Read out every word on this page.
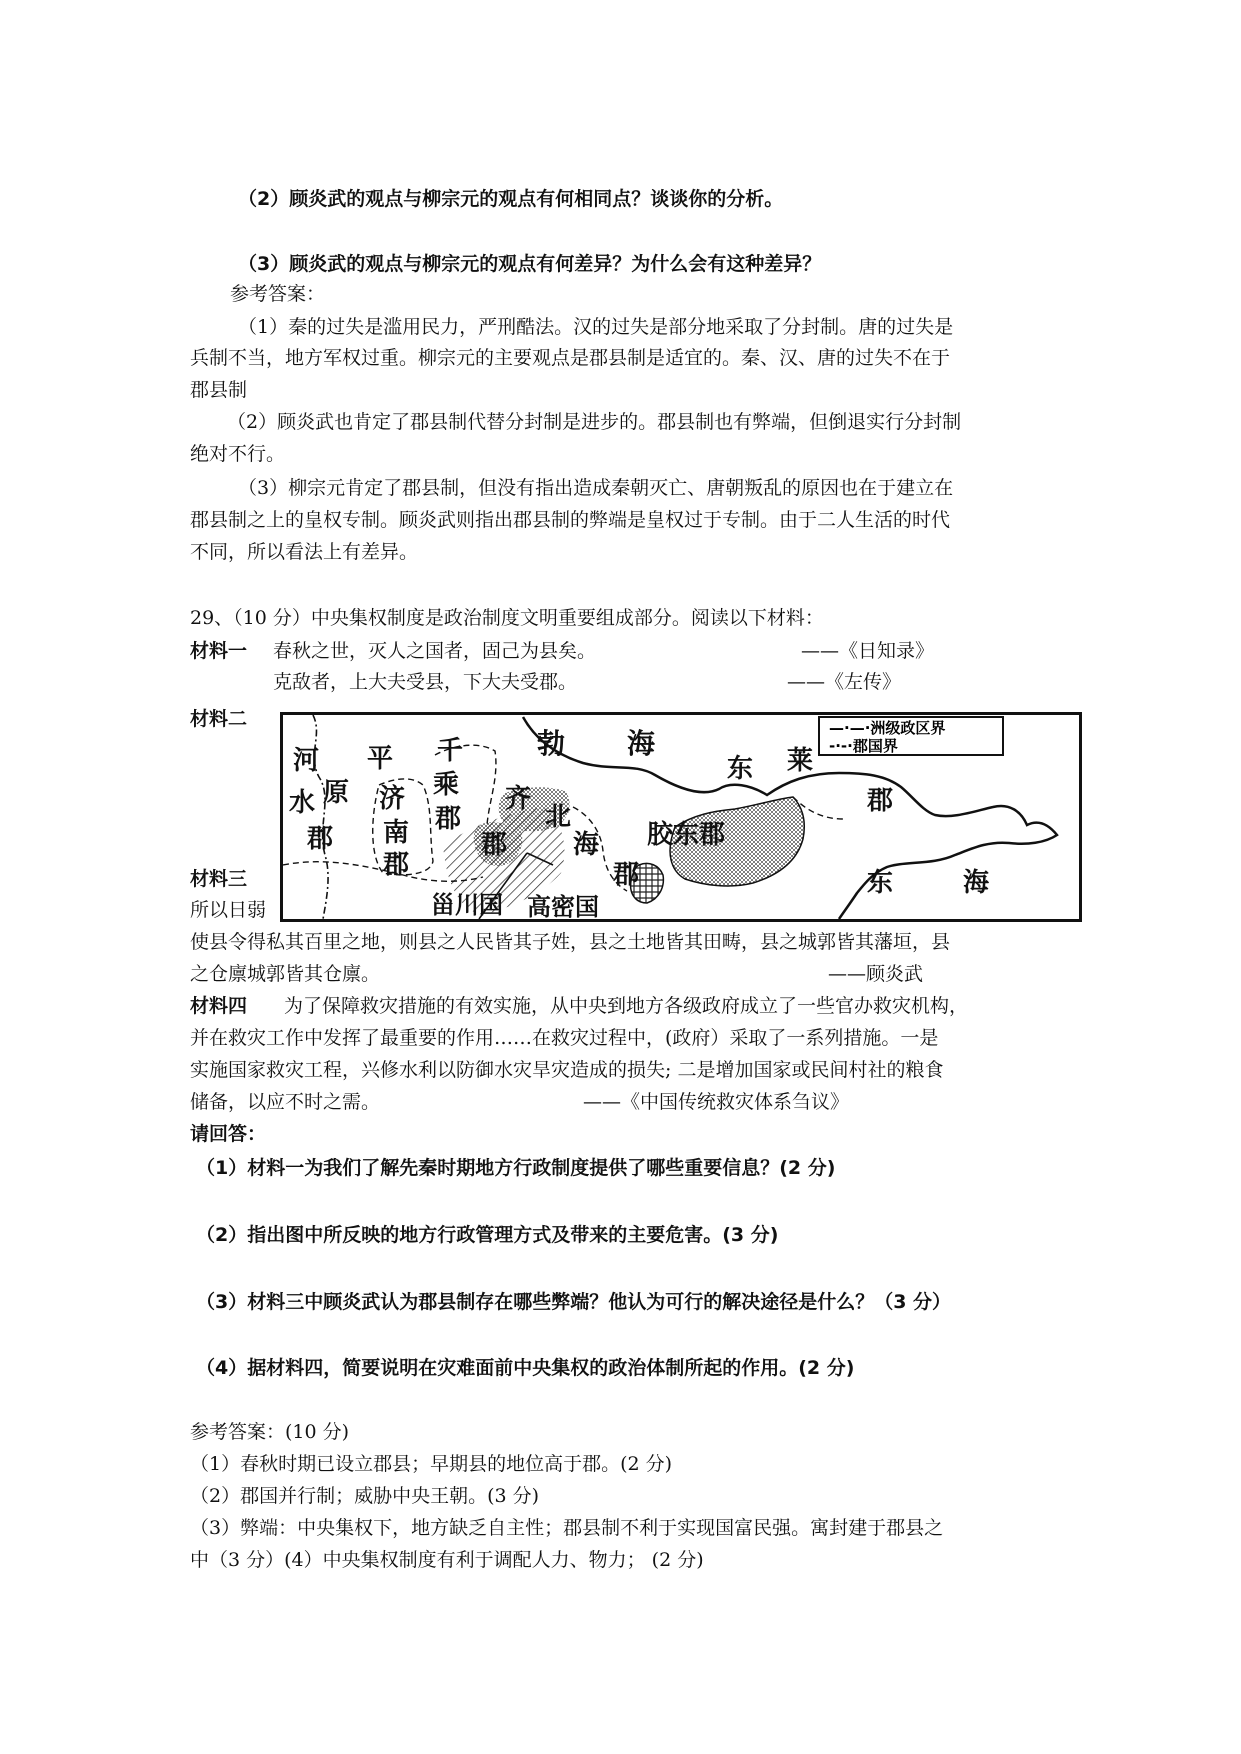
（2）顾炎武的观点与柳宗元的观点有何相同点？谈谈你的分析。
（3）顾炎武的观点与柳宗元的观点有何差异？为什么会有这种差异？
参考答案：
（1）秦的过失是滥用民力，严刑酷法。汉的过失是部分地采取了分封制。唐的过失是
兵制不当，地方军权过重。柳宗元的主要观点是郡县制是适宜的。秦、汉、唐的过失不在于
郡县制
（2）顾炎武也肯定了郡县制代替分封制是进步的。郡县制也有弊端，但倒退实行分封制
绝对不行。
（3）柳宗元肯定了郡县制，但没有指出造成秦朝灭亡、唐朝叛乱的原因也在于建立在
郡县制之上的皇权专制。顾炎武则指出郡县制的弊端是皇权过于专制。由于二人生活的时代
不同，所以看法上有差异。
29、（10 分）中央集权制度是政治制度文明重要组成部分。阅读以下材料：
材料一 春秋之世，灭人之国者，固己为县矣。	——《日知录》
克敌者，上大夫受县，下大夫受郡。	——《左传》
材料二
材料三
所以日弱
使县令得私其百里之地，则县之人民皆其子姓，县之土地皆其田畴，县之城郭皆其藩垣，县
之仓廪城郭皆其仓廪。	——顾炎武
材料四 为了保障救灾措施的有效实施，从中央到地方各级政府成立了一些官办救灾机构，
并在救灾工作中发挥了最重要的作用……在救灾过程中，(政府）采取了一系列措施。一是
实施国家救灾工程，兴修水利以防御水灾旱灾造成的损失; 二是增加国家或民间村社的粮食
储备，以应不时之需。	——《中国传统救灾体系刍议》
请回答：
（1）材料一为我们了解先秦时期地方行政制度提供了哪些重要信息？(2 分)
（2）指出图中所反映的地方行政管理方式及带来的主要危害。(3 分)
（3）材料三中顾炎武认为郡县制存在哪些弊端？他认为可行的解决途径是什么？（3 分）
（4）据材料四，简要说明在灾难面前中央集权的政治体制所起的作用。(2 分)
参考答案：(10 分)
（1）春秋时期已设立郡县；早期县的地位高于郡。(2 分)
（2）郡国并行制；威胁中央王朝。(3 分)
（3）弊端：中央集权下，地方缺乏自主性；郡县制不利于实现国富民强。寓封建于郡县之
中（3 分）(4）中央集权制度有利于调配人力、物力； (2 分)
—·—·洲级政区界
-·-·郡国界
河
水
郡
平
原 济
南
郡
千
乘
郡
齐
郡
北
海
郡
勃 海
胶东郡
东 莱
郡
东	海
甾川国 高密国
